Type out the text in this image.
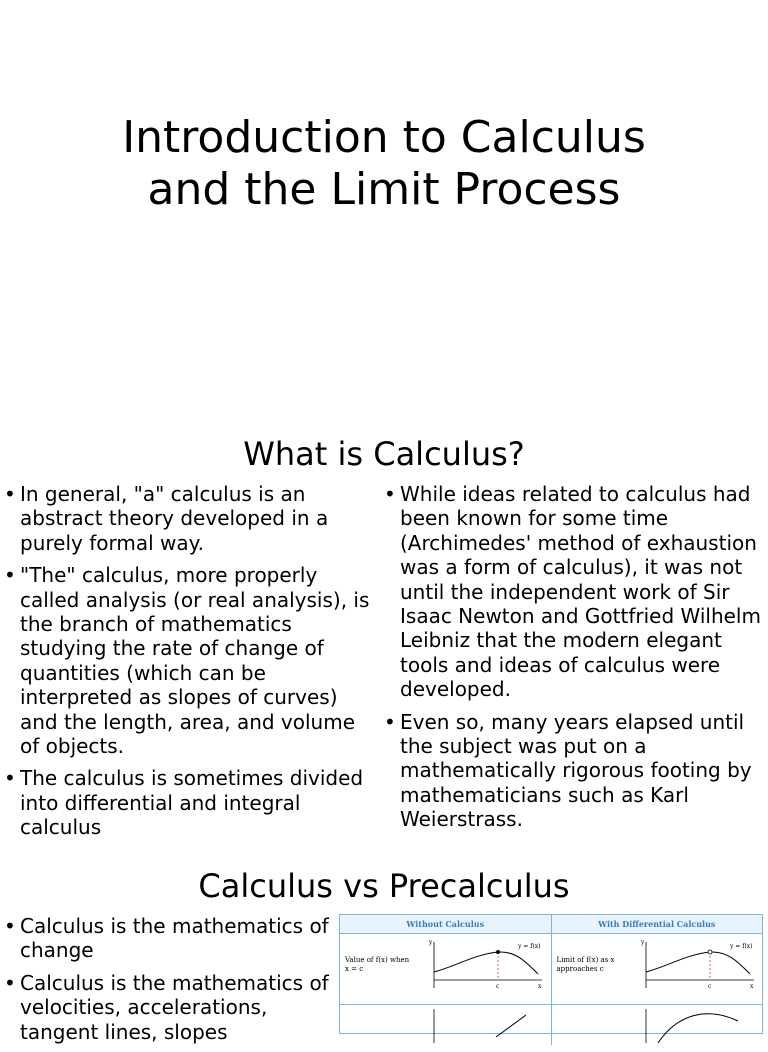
Introduction to Calculus
and the Limit Process
What is Calculus?
• In general, "a" calculus is an abstract theory developed in a purely formal way.
• "The" calculus, more properly called analysis (or real analysis), is the branch of mathematics studying the rate of change of quantities (which can be interpreted as slopes of curves) and the length, area, and volume of objects.
• The calculus is sometimes divided into differential and integral calculus
• While ideas related to calculus had been known for some time (Archimedes' method of exhaustion was a form of calculus), it was not until the independent work of Sir Isaac Newton and Gottfried Wilhelm Leibniz that the modern elegant tools and ideas of calculus were developed.
• Even so, many years elapsed until the subject was put on a mathematically rigorous footing by mathematicians such as Karl Weierstrass.
Calculus vs Precalculus
• Calculus is the mathematics of change
• Calculus is the mathematics of velocities, accelerations, tangent lines, slopes
Without Calculus	With Differential Calculus
Value of f(x) when x = c
y
x
c
y = f(x)
Limit of f(x) as x approaches c
y
x
c
y = f(x)
